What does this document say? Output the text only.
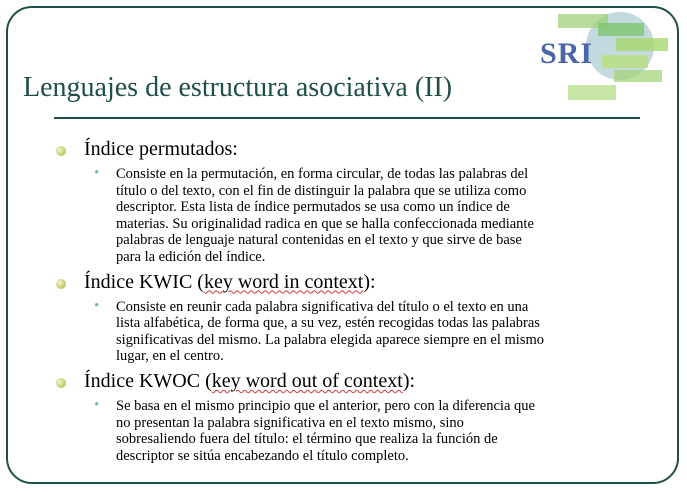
SRI
Lenguajes de estructura asociativa (II)
Índice permutados:
• Consiste en la permutación, en forma circular, de todas las palabras del
título o del texto, con el fin de distinguir la palabra que se utiliza como
descriptor. Esta lista de índice permutados se usa como un índice de
materias. Su originalidad radica en que se halla confeccionada mediante
palabras de lenguaje natural contenidas en el texto y que sirve de base
para la edición del índice.
Índice KWIC (key word in context):
• Consiste en reunir cada palabra significativa del título o el texto en una
lista alfabética, de forma que, a su vez, estén recogidas todas las palabras
significativas del mismo. La palabra elegida aparece siempre en el mismo
lugar, en el centro.
Índice KWOC (key word out of context):
• Se basa en el mismo principio que el anterior, pero con la diferencia que
no presentan la palabra significativa en el texto mismo, sino
sobresaliendo fuera del título: el término que realiza la función de
descriptor se sitúa encabezando el título completo.
